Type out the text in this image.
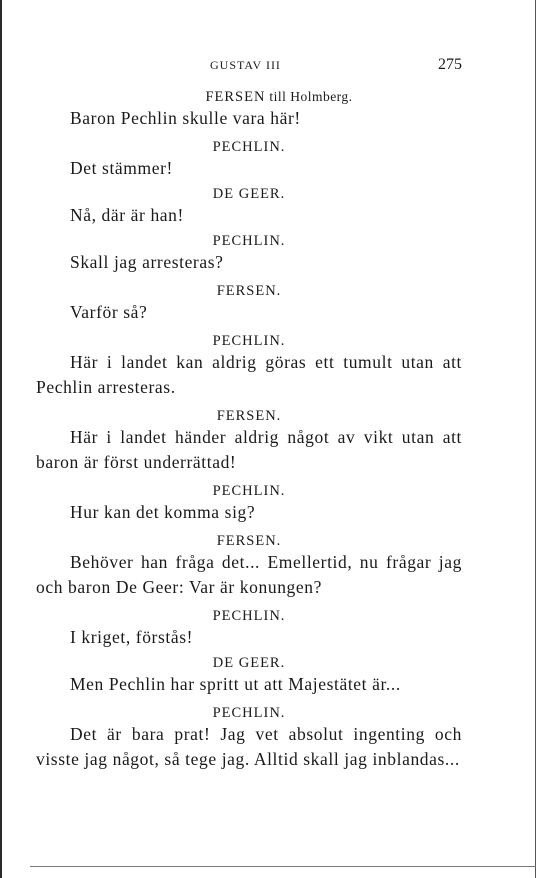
GUSTAV III	275
FERSEN till Holmberg.

Baron Pechlin skulle vara här!

PECHLIN.

Det stämmer!

DE GEER.

Nå, där är han!

PECHLIN.

Skall jag arresteras?

FERSEN.

Varför så?

PECHLIN.

Här i landet kan aldrig göras ett tumult utan att Pechlin arresteras.

FERSEN.

Här i landet händer aldrig något av vikt utan att baron är först underrättad!

PECHLIN.

Hur kan det komma sig?

FERSEN.

Behöver han fråga det... Emellertid, nu frågar jag och baron De Geer: Var är konungen?

PECHLIN.

I kriget, förstås!

DE GEER.

Men Pechlin har spritt ut att Majestätet är...

PECHLIN.

Det är bara prat! Jag vet absolut ingenting och visste jag något, så tege jag. Alltid skall jag inblandas...
